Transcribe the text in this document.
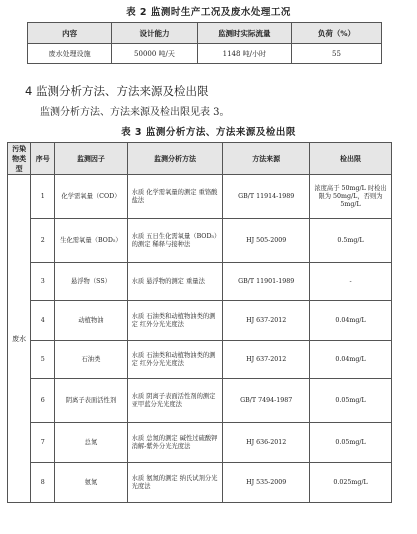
表 2 监测时生产工况及废水处理工况
内容	设计能力	监测时实际流量	负荷（%）
废水处理设施	50000 吨/天	1148 吨/小时	55
4 监测分析方法、方法来源及检出限
监测分析方法、方法来源及检出限见表 3。
表 3 监测分析方法、方法来源及检出限
污染物类型	序号	监测因子	监测分析方法	方法来源	检出限
废水	1	化学需氧量（COD）	水质 化学需氧量的测定 重铬酸盐法	GB/T 11914-1989	浓度高于 50mg/L 时检出限为 50mg/L，否则为 5mg/L
	2	生化需氧量（BOD₅）	水质 五日生化需氧量（BOD₅）的测定 稀释与接种法	HJ 505-2009	0.5mg/L
	3	悬浮物（SS）	水质 悬浮物的测定 重量法	GB/T 11901-1989	-
	4	动植物油	水质 石油类和动植物油类的测定 红外分光光度法	HJ 637-2012	0.04mg/L
	5	石油类	水质 石油类和动植物油类的测定 红外分光光度法	HJ 637-2012	0.04mg/L
	6	阴离子表面活性剂	水质 阴离子表面活性剂的测定 亚甲蓝分光光度法	GB/T 7494-1987	0.05mg/L
	7	总氮	水质 总氮的测定 碱性过硫酸钾消解-紫外分光光度法	HJ 636-2012	0.05mg/L
	8	氨氮	水质 氨氮的测定 纳氏试剂分光光度法	HJ 535-2009	0.025mg/L
